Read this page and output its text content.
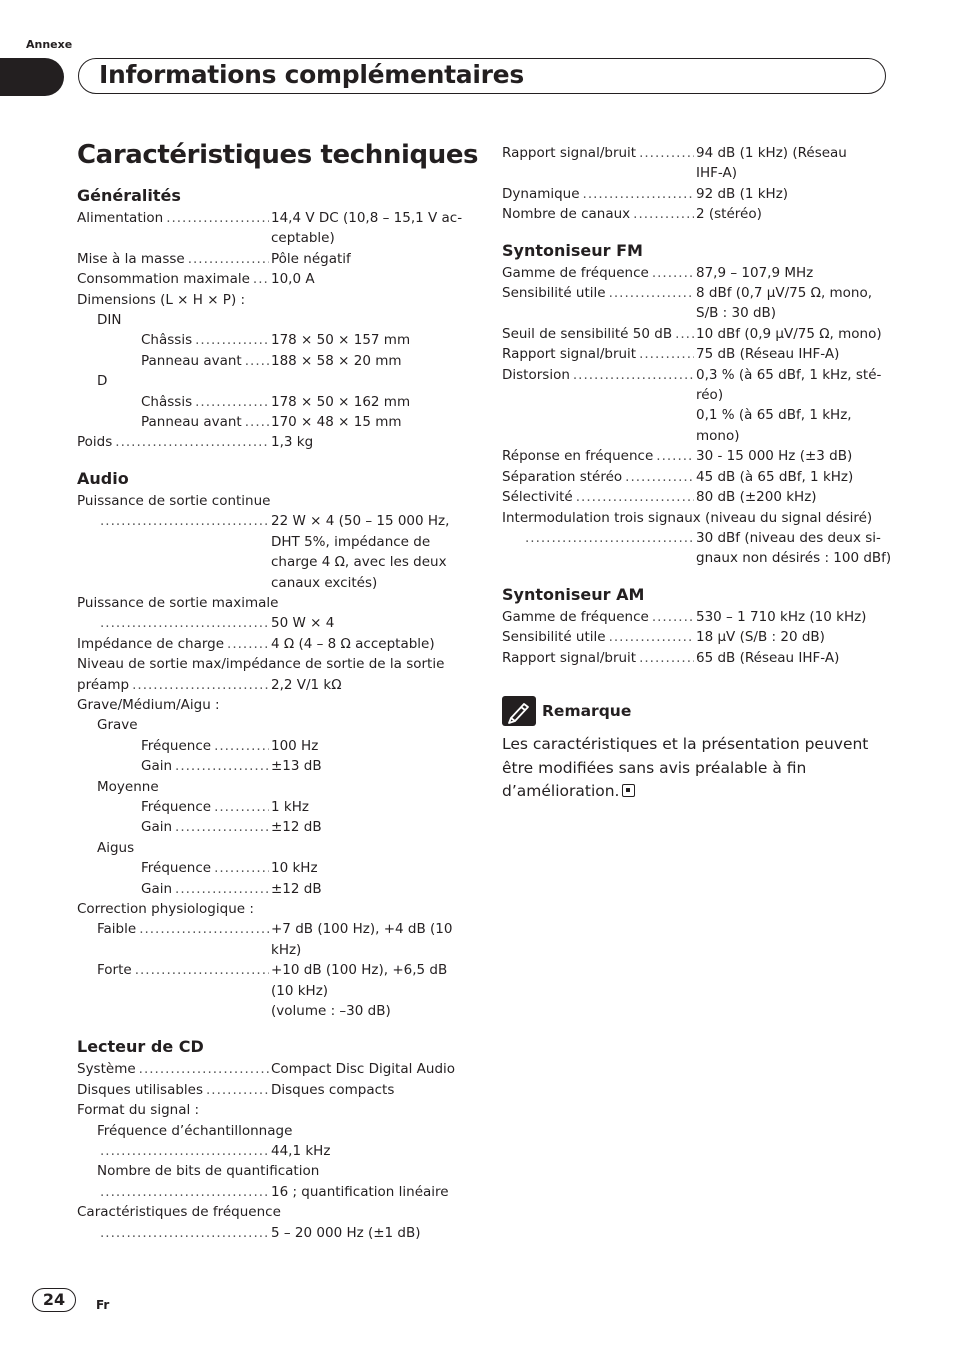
Annexe
Informations complémentaires
Caractéristiques techniques
Généralités
Alimentation .....	14,4 V DC (10,8 – 15,1 V ac-
ceptable)
Mise à la masse .....	Pôle négatif
Consommation maximale ..... 10,0 A
Dimensions (L × H × P) :
DIN
Châssis .....	178 × 50 × 157 mm
Panneau avant ..... 188 × 58 × 20 mm
D
Châssis .....	178 × 50 × 162 mm
Panneau avant ..... 170 × 48 × 15 mm
Poids .....	1,3 kg
Audio
Puissance de sortie continue
.....
22 W × 4 (50 – 15 000 Hz,
DHT 5%, impédance de
charge 4 Ω, avec les deux
canaux excités)
Puissance de sortie maximale
.....
50 W × 4
Impédance de charge .....	4 Ω (4 – 8 Ω acceptable)
Niveau de sortie max/impédance de sortie de la sortie
préamp .....	2,2 V/1 kΩ
Grave/Médium/Aigu :
Grave
Fréquence .....	100 Hz
Gain .....	±13 dB
Moyenne
Fréquence .....	1 kHz
Gain .....	±12 dB
Aigus
Fréquence .....	10 kHz
Gain .....	±12 dB
Correction physiologique :
Faible .....	+7 dB (100 Hz), +4 dB (10
kHz)
Forte .....	+10 dB (100 Hz), +6,5 dB
(10 kHz)
(volume : –30 dB)
Lecteur de CD
Système .....	Compact Disc Digital Audio
Disques utilisables .....	Disques compacts
Format du signal :
Fréquence d’échantillonnage
.....
44,1 kHz
Nombre de bits de quantification
.....
16 ; quantification linéaire
Caractéristiques de fréquence
.....
5 – 20 000 Hz (±1 dB)
Rapport signal/bruit .....	94 dB (1 kHz) (Réseau
IHF-A)
Dynamique .....	92 dB (1 kHz)
Nombre de canaux .....	2 (stéréo)
Syntoniseur FM
Gamme de fréquence .....	87,9 – 107,9 MHz
Sensibilité utile .....	8 dBf (0,7 µV/75 Ω, mono,
S/B : 30 dB)
Seuil de sensibilité 50 dB ..... 10 dBf (0,9 µV/75 Ω, mono)
Rapport signal/bruit .....	75 dB (Réseau IHF-A)
Distorsion .....	0,3 % (à 65 dBf, 1 kHz, sté-
réo)
0,1 % (à 65 dBf, 1 kHz,
mono)
Réponse en fréquence .....	30 - 15 000 Hz (±3 dB)
Séparation stéréo .....	45 dB (à 65 dBf, 1 kHz)
Sélectivité .....	80 dB (±200 kHz)
Intermodulation trois signaux (niveau du signal désiré)
.....
30 dBf (niveau des deux si-
gnaux non désirés : 100 dBf)
Syntoniseur AM
Gamme de fréquence .....	530 – 1 710 kHz (10 kHz)
Sensibilité utile .....	18 µV (S/B : 20 dB)
Rapport signal/bruit .....	65 dB (Réseau IHF-A)
Remarque
Les caractéristiques et la présentation peuvent être modifiées sans avis préalable à fin d’amélioration.
24	Fr
